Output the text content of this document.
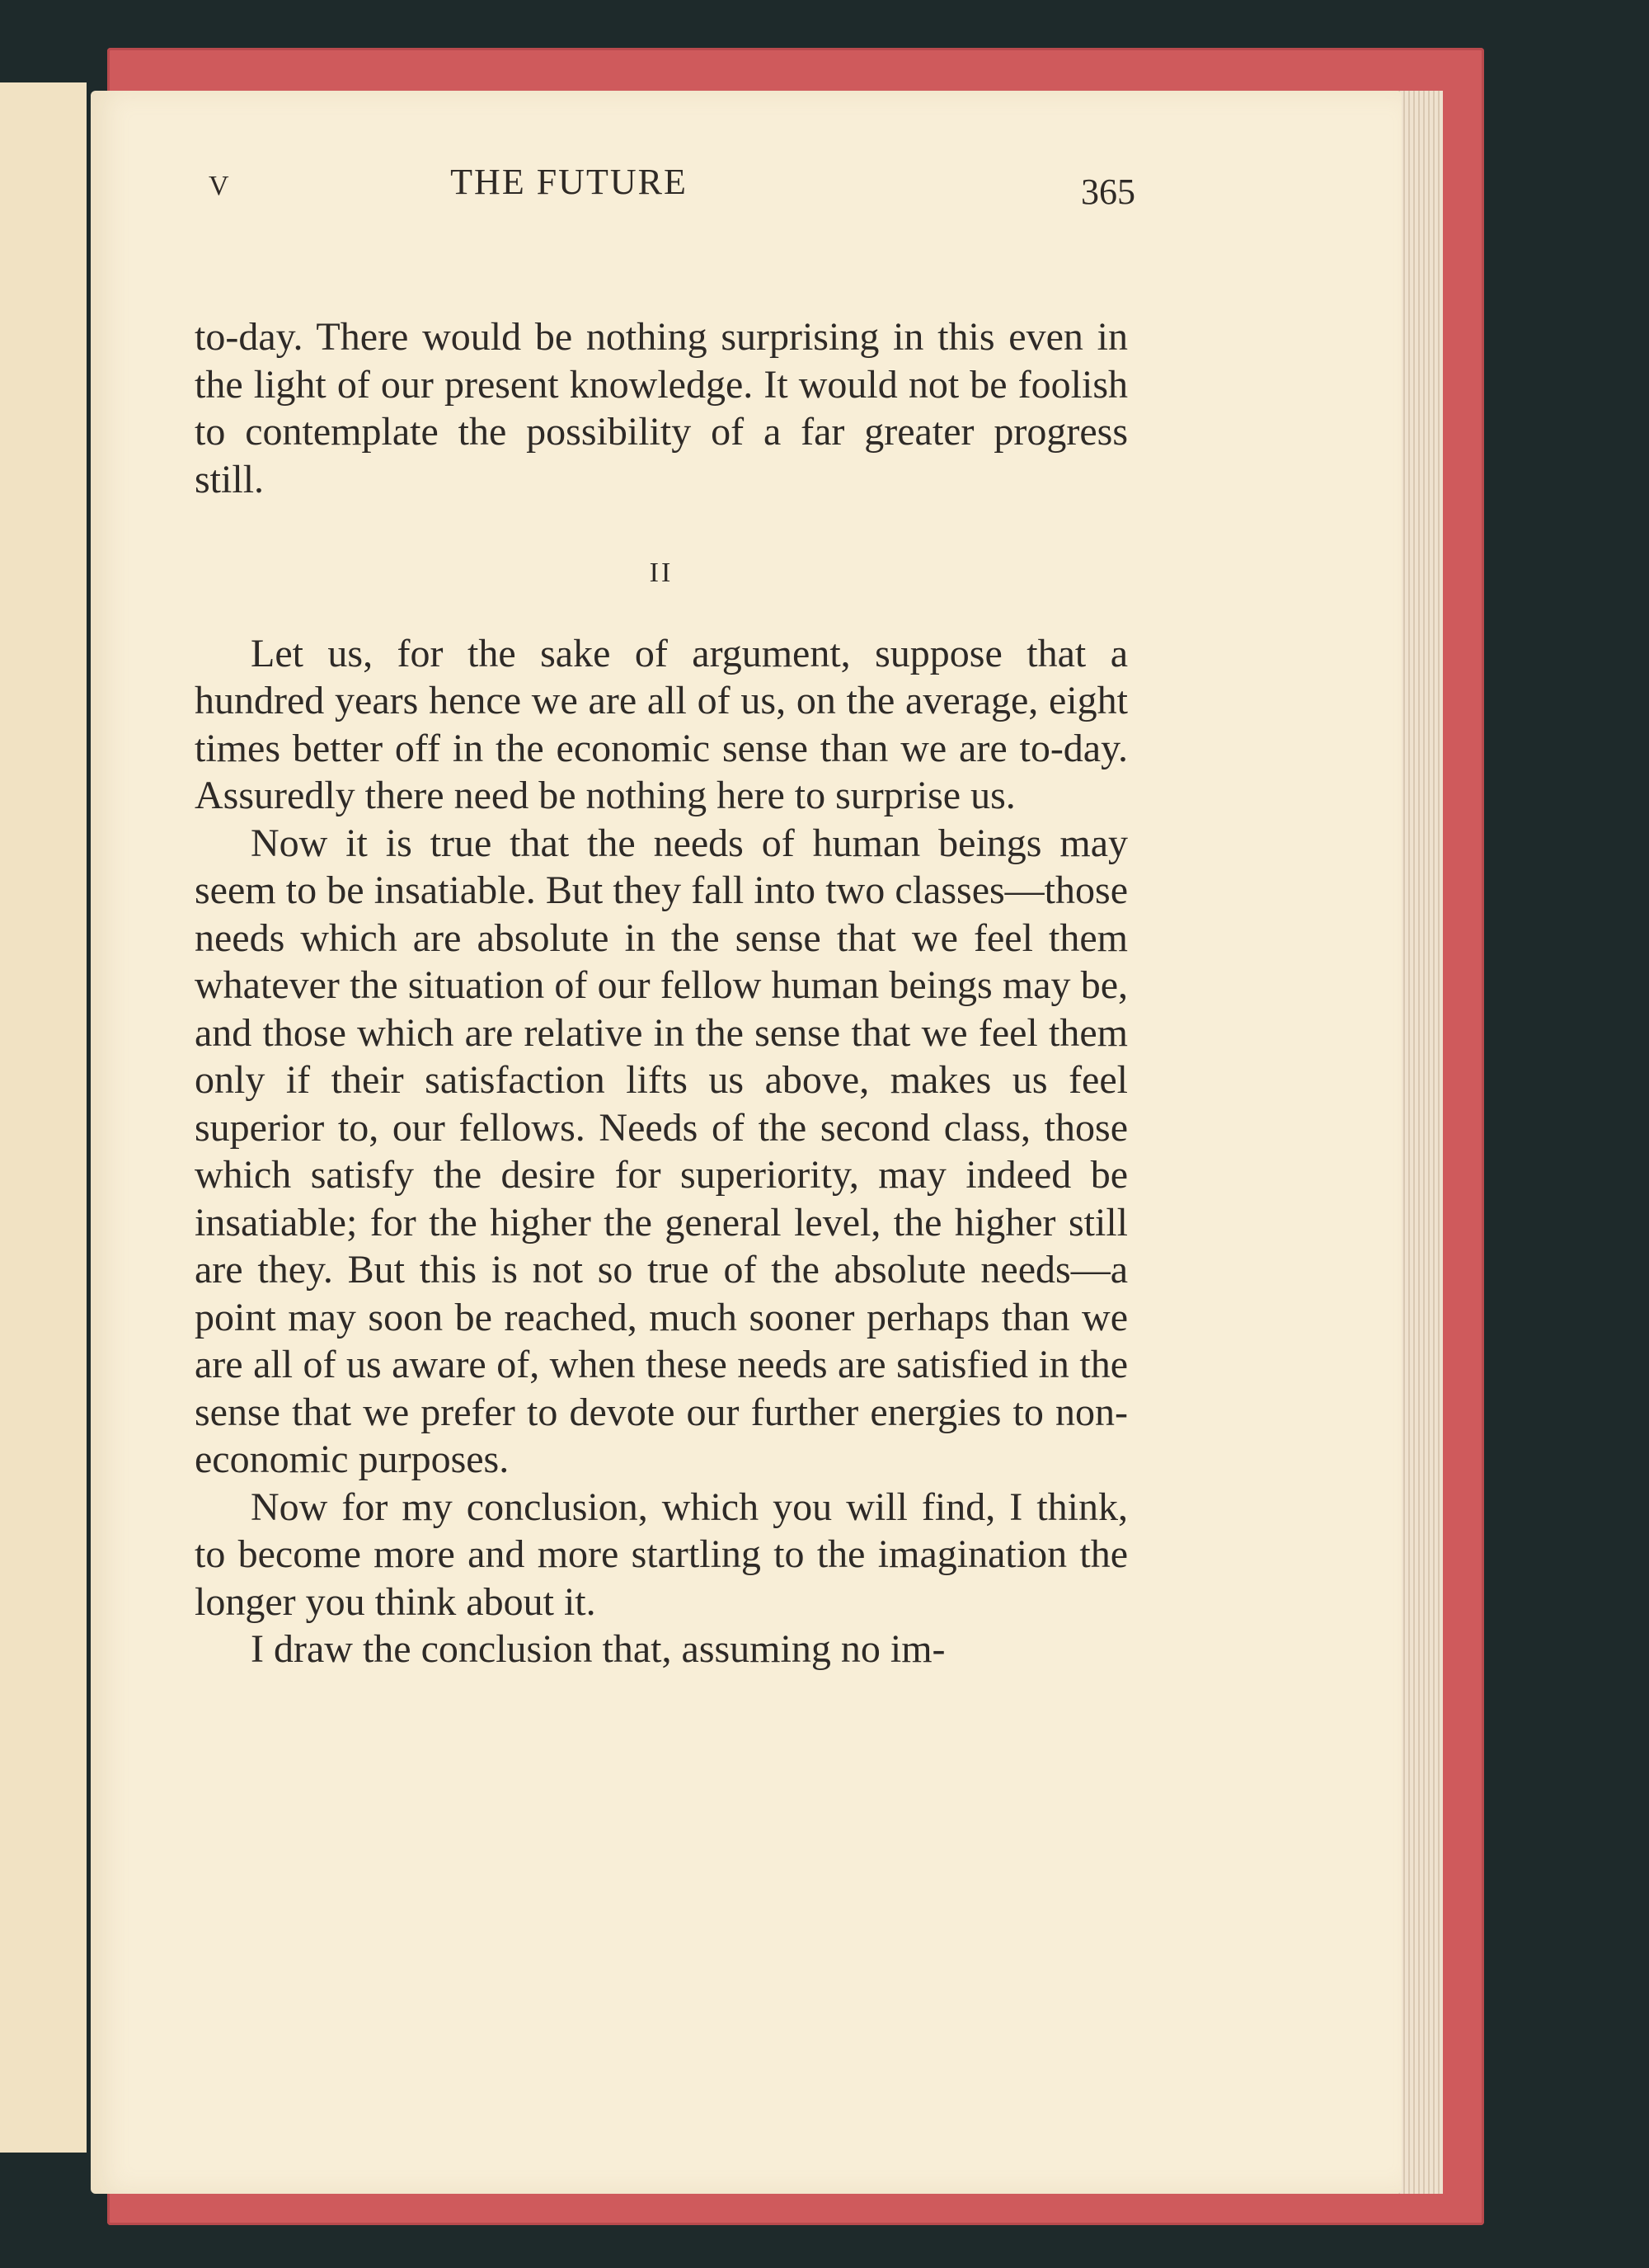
V	THE FUTURE	365

to-day. There would be nothing surprising in this even in the light of our present knowledge. It would not be foolish to contemplate the possibility of a far greater progress still.

II

Let us, for the sake of argument, suppose that a hundred years hence we are all of us, on the average, eight times better off in the economic sense than we are to-day. Assuredly there need be nothing here to surprise us.

Now it is true that the needs of human beings may seem to be insatiable. But they fall into two classes—those needs which are absolute in the sense that we feel them whatever the situation of our fellow human beings may be, and those which are relative in the sense that we feel them only if their satisfaction lifts us above, makes us feel superior to, our fellows. Needs of the second class, those which satisfy the desire for superiority, may indeed be insatiable; for the higher the general level, the higher still are they. But this is not so true of the absolute needs—a point may soon be reached, much sooner perhaps than we are all of us aware of, when these needs are satisfied in the sense that we prefer to devote our further energies to non-economic purposes.

Now for my conclusion, which you will find, I think, to become more and more startling to the imagination the longer you think about it.

I draw the conclusion that, assuming no im-
